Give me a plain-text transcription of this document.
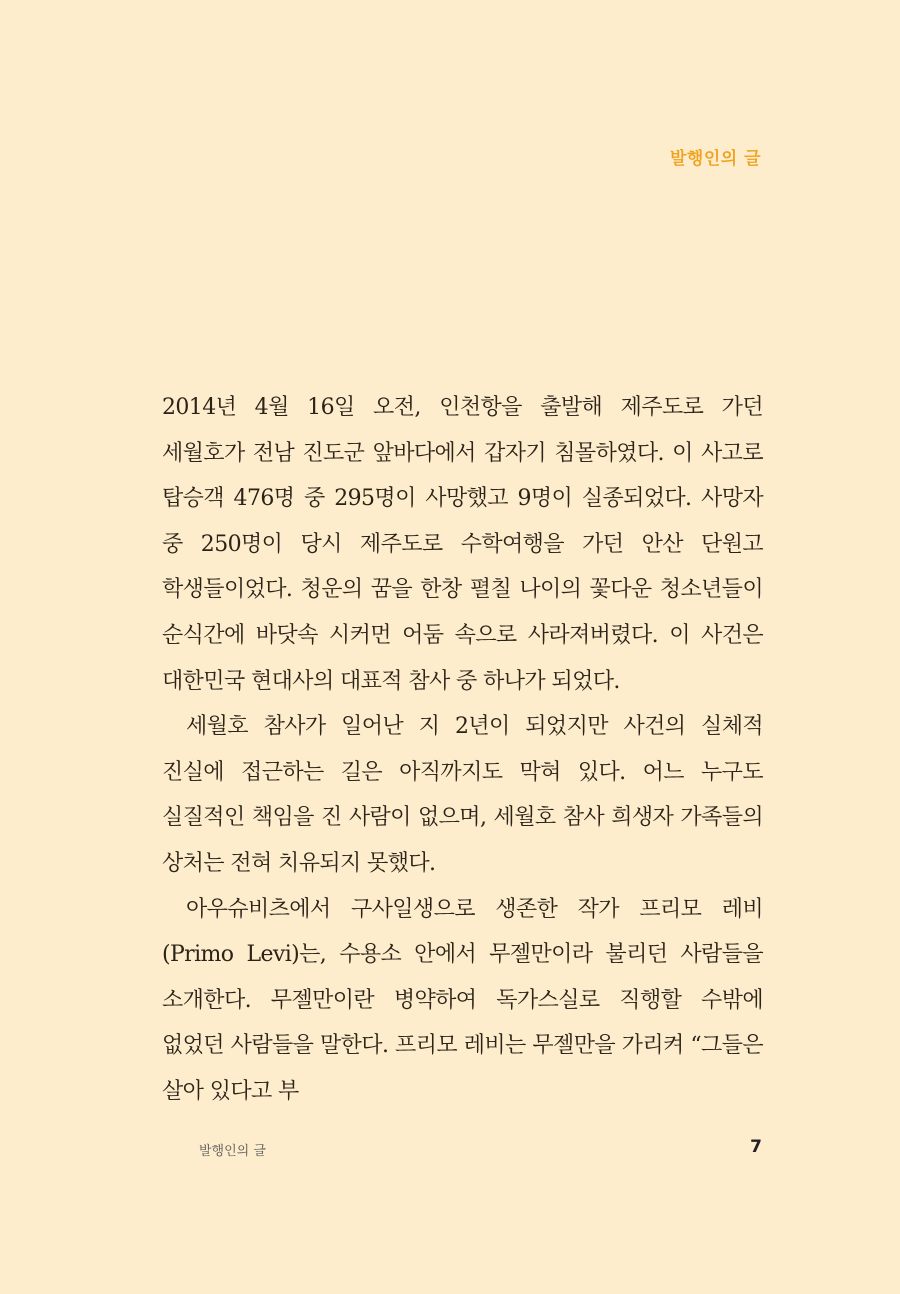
발행인의 글

2014년 4월 16일 오전, 인천항을 출발해 제주도로 가던 세월호가 전남 진도군 앞바다에서 갑자기 침몰하였다. 이 사고로 탑승객 476명 중 295명이 사망했고 9명이 실종되었다. 사망자 중 250명이 당시 제주도로 수학여행을 가던 안산 단원고 학생들이었다. 청운의 꿈을 한창 펼칠 나이의 꽃다운 청소년들이 순식간에 바닷속 시커먼 어둠 속으로 사라져버렸다. 이 사건은 대한민국 현대사의 대표적 참사 중 하나가 되었다.

세월호 참사가 일어난 지 2년이 되었지만 사건의 실체적 진실에 접근하는 길은 아직까지도 막혀 있다. 어느 누구도 실질적인 책임을 진 사람이 없으며, 세월호 참사 희생자 가족들의 상처는 전혀 치유되지 못했다.

아우슈비츠에서 구사일생으로 생존한 작가 프리모 레비(Primo Levi)는, 수용소 안에서 무젤만이라 불리던 사람들을 소개한다. 무젤만이란 병약하여 독가스실로 직행할 수밖에 없었던 사람들을 말한다. 프리모 레비는 무젤만을 가리켜 “그들은 살아 있다고 부

발행인의 글	7
